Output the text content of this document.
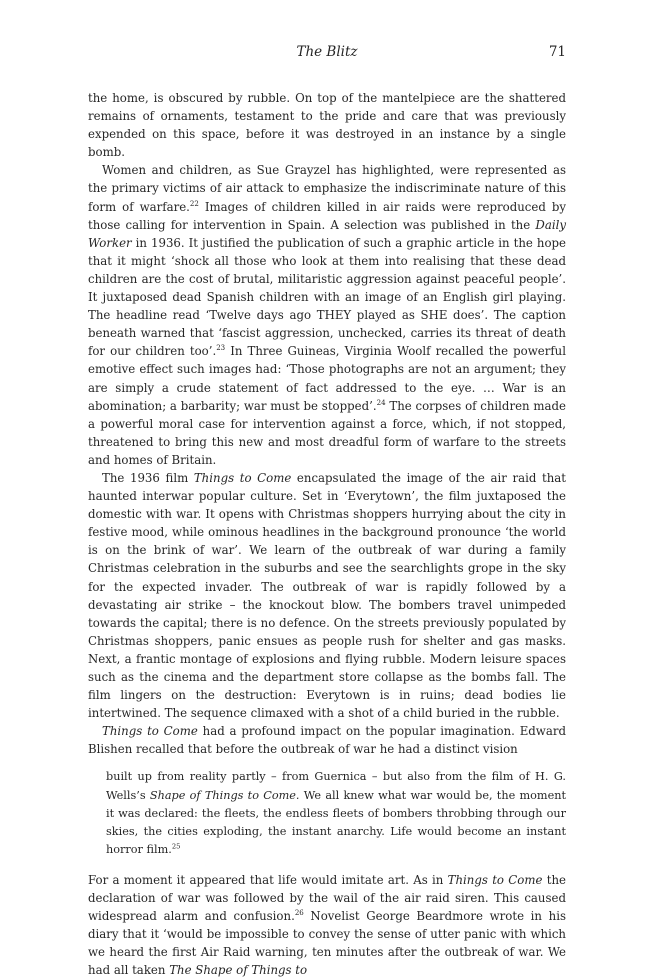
The Blitz	71

the home, is obscured by rubble. On top of the mantelpiece are the shattered remains of ornaments, testament to the pride and care that was previously expended on this space, before it was destroyed in an instance by a single bomb.

Women and children, as Sue Grayzel has highlighted, were represented as the primary victims of air attack to emphasize the indiscriminate nature of this form of warfare.$^{22}$ Images of children killed in air raids were reproduced by those calling for intervention in Spain. A selection was published in the Daily Worker in 1936. It justified the publication of such a graphic article in the hope that it might ‘shock all those who look at them into realising that these dead children are the cost of brutal, militaristic aggression against peaceful people’. It juxtaposed dead Spanish children with an image of an English girl playing. The headline read ‘Twelve days ago THEY played as SHE does’. The caption beneath warned that ‘fascist aggression, unchecked, carries its threat of death for our children too’.$^{23}$ In Three Guineas, Virginia Woolf recalled the powerful emotive effect such images had: ‘Those photographs are not an argument; they are simply a crude statement of fact addressed to the eye. … War is an abomination; a barbarity; war must be stopped’.$^{24}$ The corpses of children made a powerful moral case for intervention against a force, which, if not stopped, threatened to bring this new and most dreadful form of warfare to the streets and homes of Britain.

The 1936 film Things to Come encapsulated the image of the air raid that haunted interwar popular culture. Set in ‘Everytown’, the film juxtaposed the domestic with war. It opens with Christmas shoppers hurrying about the city in festive mood, while ominous headlines in the background pronounce ‘the world is on the brink of war’. We learn of the outbreak of war during a family Christmas celebration in the suburbs and see the searchlights grope in the sky for the expected invader. The outbreak of war is rapidly followed by a devastating air strike – the knockout blow. The bombers travel unimpeded towards the capital; there is no defence. On the streets previously populated by Christmas shoppers, panic ensues as people rush for shelter and gas masks. Next, a frantic montage of explosions and flying rubble. Modern leisure spaces such as the cinema and the department store collapse as the bombs fall. The film lingers on the destruction: Everytown is in ruins; dead bodies lie intertwined. The sequence climaxed with a shot of a child buried in the rubble.

Things to Come had a profound impact on the popular imagination. Edward Blishen recalled that before the outbreak of war he had a distinct vision

built up from reality partly – from Guernica – but also from the film of H. G. Wells’s Shape of Things to Come. We all knew what war would be, the moment it was declared: the fleets, the endless fleets of bombers throbbing through our skies, the cities exploding, the instant anarchy. Life would become an instant horror film.$^{25}$

For a moment it appeared that life would imitate art. As in Things to Come the declaration of war was followed by the wail of the air raid siren. This caused widespread alarm and confusion.$^{26}$ Novelist George Beardmore wrote in his diary that it ‘would be impossible to convey the sense of utter panic with which we heard the first Air Raid warning, ten minutes after the outbreak of war. We had all taken The Shape of Things to
